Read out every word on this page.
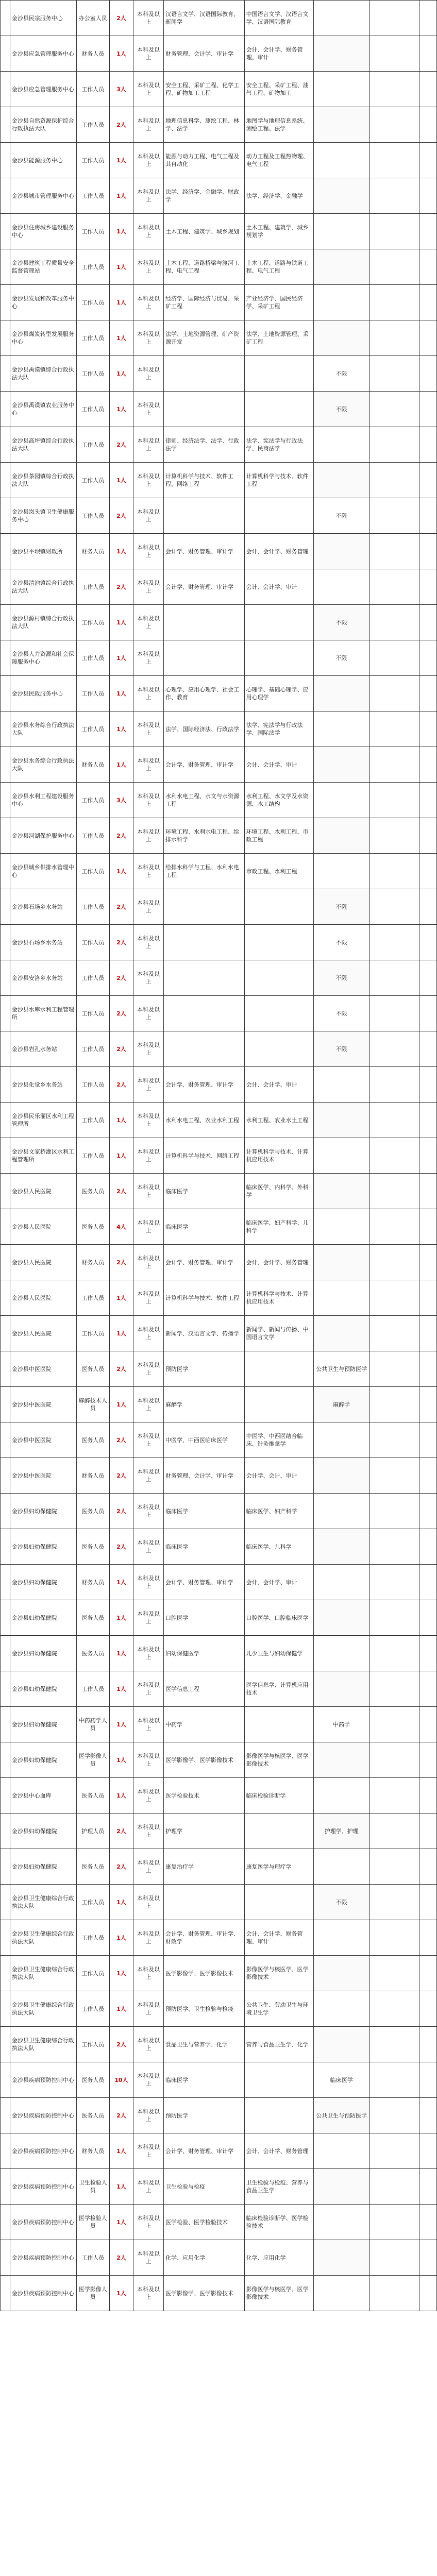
	金沙县民宗服务中心	办公室人员	2人	本科及以上	汉语言文学、汉语国际教育、新闻学	中国语言文学、汉语言文学、汉语国际教育			
	金沙县应急管理服务中心	财务人员	1人	本科及以上	财务管理、会计学、审计学	会计、会计学、财务管理、审计			
	金沙县应急管理服务中心	工作人员	3人	本科及以上	安全工程、采矿工程、化学工程、矿物加工工程	安全工程、采矿工程、油气工程、矿物加工			
	金沙县自然资源保护综合行政执法大队	工作人员	2人	本科及以上	地理信息科学、测绘工程、林学、法学	地图学与地理信息系统、测绘工程、法学			
	金沙县能源服务中心	工作人员	1人	本科及以上	能源与动力工程、电气工程及其自动化	动力工程及工程热物理、电气工程			
	金沙县城市管理服务中心	工作人员	1人	本科及以上	法学、经济学、金融学、财政学	法学、经济学、金融学			
	金沙县住房城乡建设服务中心	工作人员	1人	本科及以上	土木工程、建筑学、城乡规划	土木工程、建筑学、城乡规划学			
	金沙县建筑工程质量安全监督管理站	工作人员	1人	本科及以上	土木工程、道路桥梁与渡河工程、电气工程	土木工程、道路与铁道工程、电气工程			
	金沙县发展和改革服务中心	工作人员	1人	本科及以上	经济学、国际经济与贸易、采矿工程	产业经济学、国民经济学、采矿工程			
	金沙县煤炭转型发展服务中心	工作人员	1人	本科及以上	法学、土地资源管理、矿产资源开发	法学、土地资源管理、采矿工程			
	金沙县禹谟镇综合行政执法大队	工作人员	1人	本科及以上			不限		
	金沙县禹谟镇农业服务中心	工作人员	1人	本科及以上			不限		
	金沙县高坪镇综合行政执法大队	工作人员	2人	本科及以上	律师、经济法学、法学、行政法学	法学、宪法学与行政法学、民商法学			
	金沙县茶园镇综合行政执法大队	工作人员	1人	本科及以上	计算机科学与技术、软件工程、网络工程	计算机科学与技术、软件工程			
	金沙县岚头镇卫生健康服务中心	工作人员	2人	本科及以上			不限		
	金沙县平坝镇财政所	财务人员	1人	本科及以上	会计学、财务管理、审计学	会计、会计学、财务管理			
	金沙县清池镇综合行政执法大队	工作人员	2人	本科及以上	会计学、财务管理、审计学	会计、会计学、审计			
	金沙县源村镇综合行政执法大队	工作人员	1人	本科及以上			不限		
	金沙县人力资源和社会保障服务中心	工作人员	1人	本科及以上			不限		
	金沙县民政服务中心	工作人员	1人	本科及以上	心理学、应用心理学、社会工作、教育	心理学、基础心理学、应用心理学			
	金沙县水务综合行政执法大队	工作人员	1人	本科及以上	法学、国际经济法、行政法学	法学、宪法学与行政法学、国际法学			
	金沙县水务综合行政执法大队	财务人员	1人	本科及以上	会计学、财务管理、审计学	会计、会计学、审计			
	金沙县水利工程建设服务中心	工作人员	3人	本科及以上	水利水电工程、水文与水资源工程	水利工程、水文学及水资源、水工结构			
	金沙县河湖保护服务中心	工作人员	2人	本科及以上	环境工程、水利水电工程、给排水科学	环境工程、水利工程、市政工程			
	金沙县城乡供排水管理中心	工作人员	1人	本科及以上	给排水科学与工程、水利水电工程	市政工程、水利工程			
	金沙县石场乡水务站	工作人员	2人	本科及以上			不限		
	金沙县石场乡水务站	工作人员	2人	本科及以上			不限		
	金沙县安洛乡水务站	工作人员	2人	本科及以上			不限		
	金沙县水库水利工程管理所	工作人员	2人	本科及以上			不限		
	金沙县岩孔水务站	工作人员	2人	本科及以上			不限		
	金沙县化觉乡水务站	工作人员	2人	本科及以上	会计学、财务管理、审计学	会计、会计学、审计			
	金沙县民乐灌区水利工程管理所	工作人员	1人	本科及以上	水利水电工程、农业水利工程	水利工程、农业水土工程			
	金沙县文家桥灌区水利工程管理所	工作人员	1人	本科及以上	计算机科学与技术、网络工程	计算机科学与技术、计算机应用技术			
	金沙县人民医院	医务人员	2人	本科及以上	临床医学	临床医学、内科学、外科学			
	金沙县人民医院	医务人员	4人	本科及以上	临床医学	临床医学、妇产科学、儿科学			
	金沙县人民医院	财务人员	2人	本科及以上	会计学、财务管理、审计学	会计、会计学、财务管理			
	金沙县人民医院	工作人员	1人	本科及以上	计算机科学与技术、软件工程	计算机科学与技术、计算机应用技术			
	金沙县人民医院	工作人员	1人	本科及以上	新闻学、汉语言文学、传播学	新闻学、新闻与传播、中国语言文学			
	金沙县中医医院	医务人员	2人	本科及以上	预防医学		公共卫生与预防医学		
	金沙县中医医院	麻醉技术人员	1人	本科及以上	麻醉学		麻醉学		
	金沙县中医医院	医务人员	2人	本科及以上	中医学、中西医临床医学	中医学、中西医结合临床、针灸推拿学			
	金沙县中医医院	财务人员	2人	本科及以上	财务管理、会计学、审计学	会计学、会计、审计			
	金沙县妇幼保健院	医务人员	2人	本科及以上	临床医学	临床医学、妇产科学			
	金沙县妇幼保健院	医务人员	2人	本科及以上	临床医学	临床医学、儿科学			
	金沙县妇幼保健院	财务人员	1人	本科及以上	会计学、财务管理、审计学	会计、会计学、审计			
	金沙县妇幼保健院	医务人员	1人	本科及以上	口腔医学	口腔医学、口腔临床医学			
	金沙县妇幼保健院	医务人员	1人	本科及以上	妇幼保健医学	儿少卫生与妇幼保健学			
	金沙县妇幼保健院	工作人员	1人	本科及以上	医学信息工程	医学信息学、计算机应用技术			
	金沙县妇幼保健院	中药药学人员	1人	本科及以上	中药学		中药学		
	金沙县妇幼保健院	医学影像人员	1人	本科及以上	医学影像学、医学影像技术	影像医学与核医学、医学影像技术			
	金沙县中心血库	医务人员	1人	本科及以上	医学检验技术	临床检验诊断学			
	金沙县妇幼保健院	护理人员	2人	本科及以上	护理学		护理学、护理		
	金沙县妇幼保健院	医务人员	2人	本科及以上	康复治疗学	康复医学与理疗学			
	金沙县卫生健康综合行政执法大队	工作人员	1人	本科及以上			不限		
	金沙县卫生健康综合行政执法大队	工作人员	1人	本科及以上	会计学、财务管理、审计学、财政学	会计、会计学、财务管理、审计			
	金沙县卫生健康综合行政执法大队	工作人员	1人	本科及以上	医学影像学、医学影像技术	影像医学与核医学、医学影像技术			
	金沙县卫生健康综合行政执法大队	工作人员	1人	本科及以上	预防医学、卫生检验与检疫	公共卫生、劳动卫生与环境卫生学			
	金沙县卫生健康综合行政执法大队	工作人员	2人	本科及以上	食品卫生与营养学、化学	营养与食品卫生学、化学			
	金沙县疾病预防控制中心	医务人员	10人	本科及以上	临床医学		临床医学		
	金沙县疾病预防控制中心	医务人员	2人	本科及以上	预防医学		公共卫生与预防医学		
	金沙县疾病预防控制中心	财务人员	1人	本科及以上	会计学、财务管理、审计学	会计、会计学、财务管理			
	金沙县疾病预防控制中心	卫生检验人员	1人	本科及以上	卫生检验与检疫	卫生检验与检疫、营养与食品卫生学			
	金沙县疾病预防控制中心	医学检验人员	1人	本科及以上	医学检验、医学检验技术	临床检验诊断学、医学检验技术			
	金沙县疾病预防控制中心	工作人员	2人	本科及以上	化学、应用化学	化学、应用化学			
	金沙县疾病预防控制中心	医学影像人员	1人	本科及以上	医学影像学、医学影像技术	影像医学与核医学、医学影像技术			
